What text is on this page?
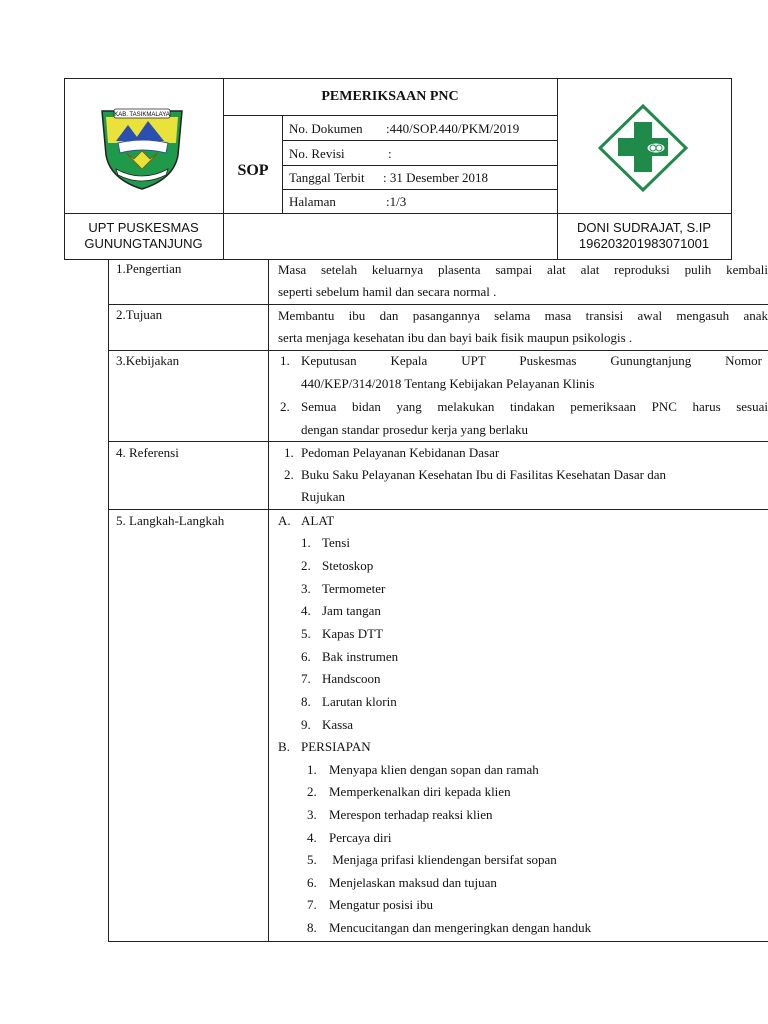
KAB. TASIKMALAYA
PEMERIKSAAN PNC
SOP
No. Dokumen :440/SOP.440/PKM/2019
No. Revisi	:
Tanggal Terbit : 31 Desember 2018
Halaman	:1/3
UPT PUSKESMAS
GUNUNGTANJUNG
DONI SUDRAJAT, S.IP
196203201983071001
1.Pengertian	Masa setelah keluarnya plasenta sampai alat alat reproduksi pulih kembali
seperti sebelum hamil dan secara normal .
2.Tujuan	Membantu ibu dan pasangannya selama masa transisi awal mengasuh anak
serta menjaga kesehatan ibu dan bayi baik fisik maupun psikologis .
3.Kebijakan	1. Keputusan Kepala UPT Puskesmas Gunungtanjung Nomor
440/KEP/314/2018 Tentang Kebijakan Pelayanan Klinis
2. Semua bidan yang melakukan tindakan pemeriksaan PNC harus sesuai
dengan standar prosedur kerja yang berlaku
4. Referensi	1. Pedoman Pelayanan Kebidanan Dasar
2. Buku Saku Pelayanan Kesehatan Ibu di Fasilitas Kesehatan Dasar dan
Rujukan
5. Langkah-Langkah	A. ALAT
1. Tensi
2. Stetoskop
3. Termometer
4. Jam tangan
5. Kapas DTT
6. Bak instrumen
7. Handscoon
8. Larutan klorin
9. Kassa
B. PERSIAPAN
1. Menyapa klien dengan sopan dan ramah
2. Memperkenalkan diri kepada klien
3. Merespon terhadap reaksi klien
4. Percaya diri
5. Menjaga prifasi kliendengan bersifat sopan
6. Menjelaskan maksud dan tujuan
7. Mengatur posisi ibu
8. Mencucitangan dan mengeringkan dengan handuk
